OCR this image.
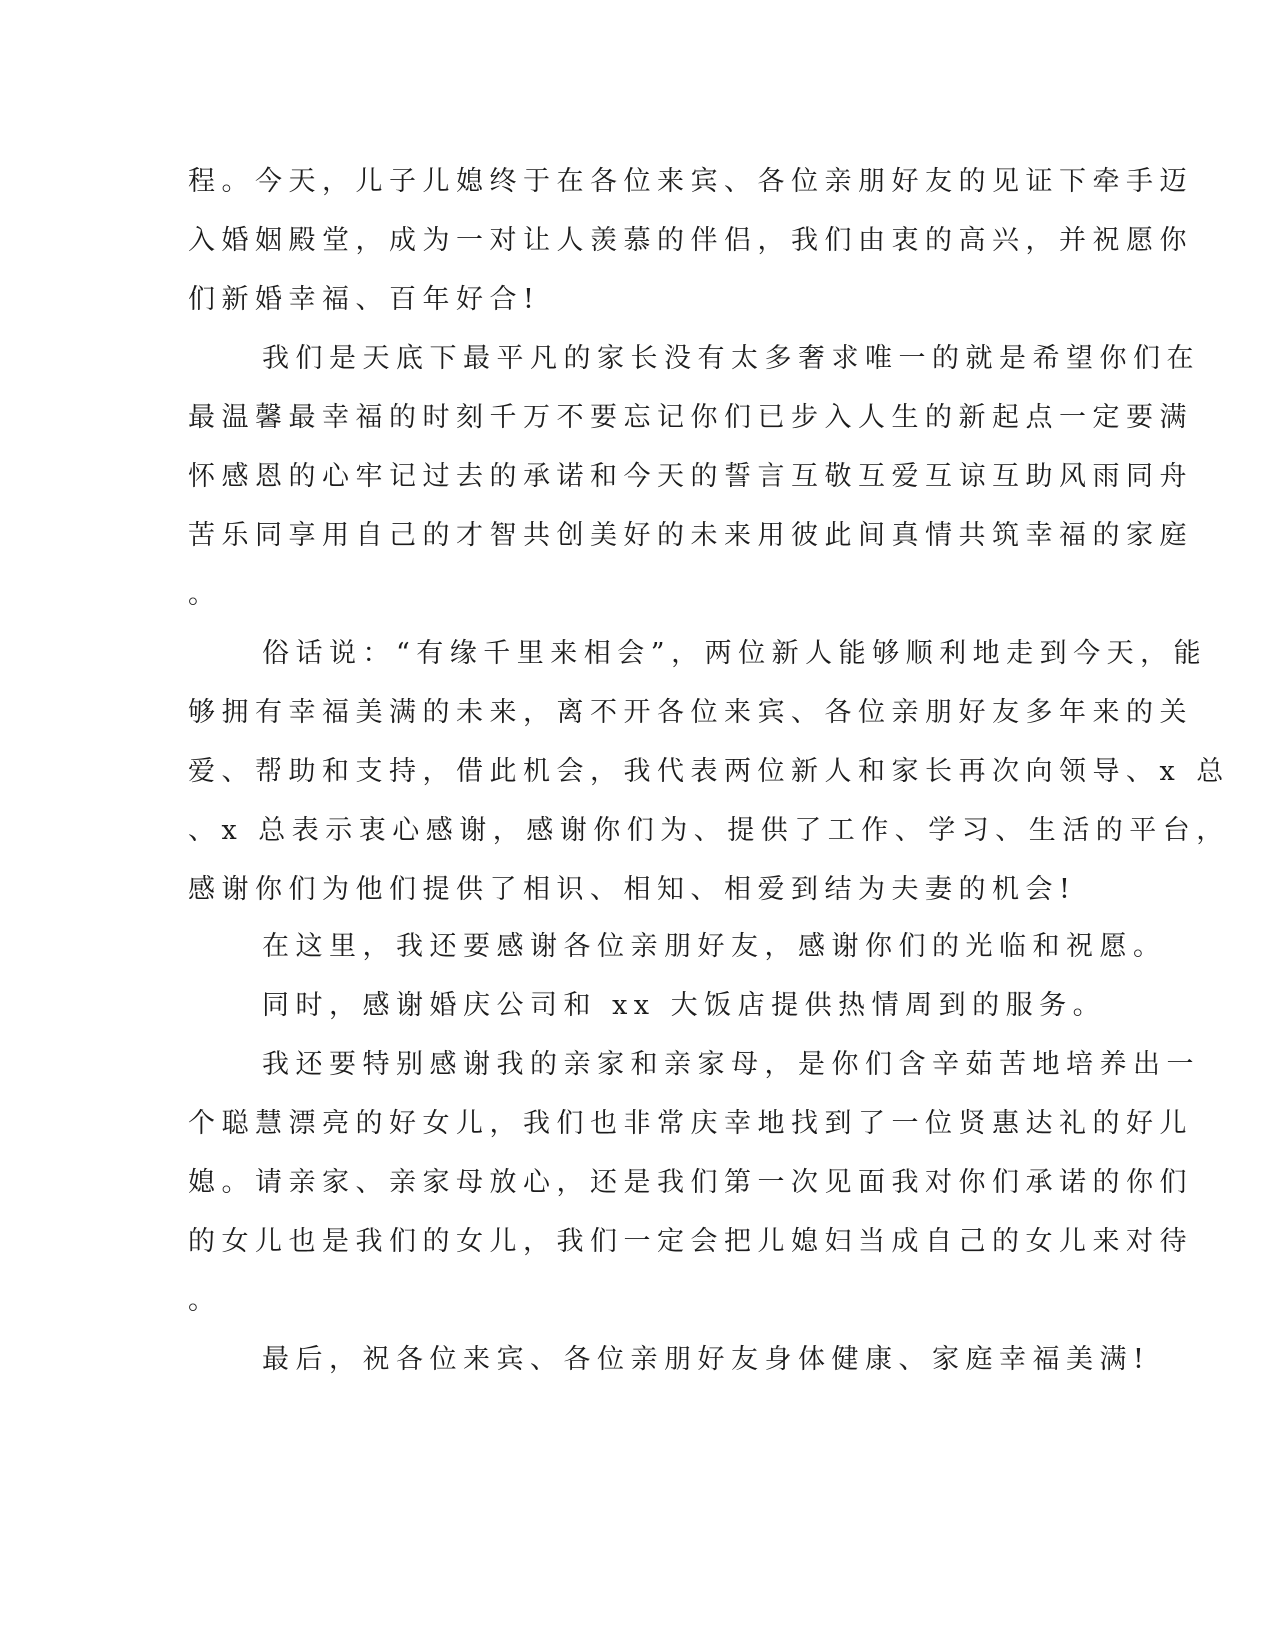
程。今天，儿子儿媳终于在各位来宾、各位亲朋好友的见证下牵手迈

入婚姻殿堂，成为一对让人羡慕的伴侣，我们由衷的高兴，并祝愿你

们新婚幸福、百年好合!

我们是天底下最平凡的家长没有太多奢求唯一的就是希望你们在

最温馨最幸福的时刻千万不要忘记你们已步入人生的新起点一定要满

怀感恩的心牢记过去的承诺和今天的誓言互敬互爱互谅互助风雨同舟

苦乐同享用自己的才智共创美好的未来用彼此间真情共筑幸福的家庭

。

俗话说：“有缘千里来相会”，两位新人能够顺利地走到今天，能

够拥有幸福美满的未来，离不开各位来宾、各位亲朋好友多年来的关

爱、帮助和支持，借此机会，我代表两位新人和家长再次向领导、x 总

、x 总表示衷心感谢，感谢你们为、提供了工作、学习、生活的平台，

感谢你们为他们提供了相识、相知、相爱到结为夫妻的机会!

在这里，我还要感谢各位亲朋好友，感谢你们的光临和祝愿。

同时，感谢婚庆公司和 xx 大饭店提供热情周到的服务。

我还要特别感谢我的亲家和亲家母，是你们含辛茹苦地培养出一

个聪慧漂亮的好女儿，我们也非常庆幸地找到了一位贤惠达礼的好儿

媳。请亲家、亲家母放心，还是我们第一次见面我对你们承诺的你们

的女儿也是我们的女儿，我们一定会把儿媳妇当成自己的女儿来对待

。

最后，祝各位来宾、各位亲朋好友身体健康、家庭幸福美满!
